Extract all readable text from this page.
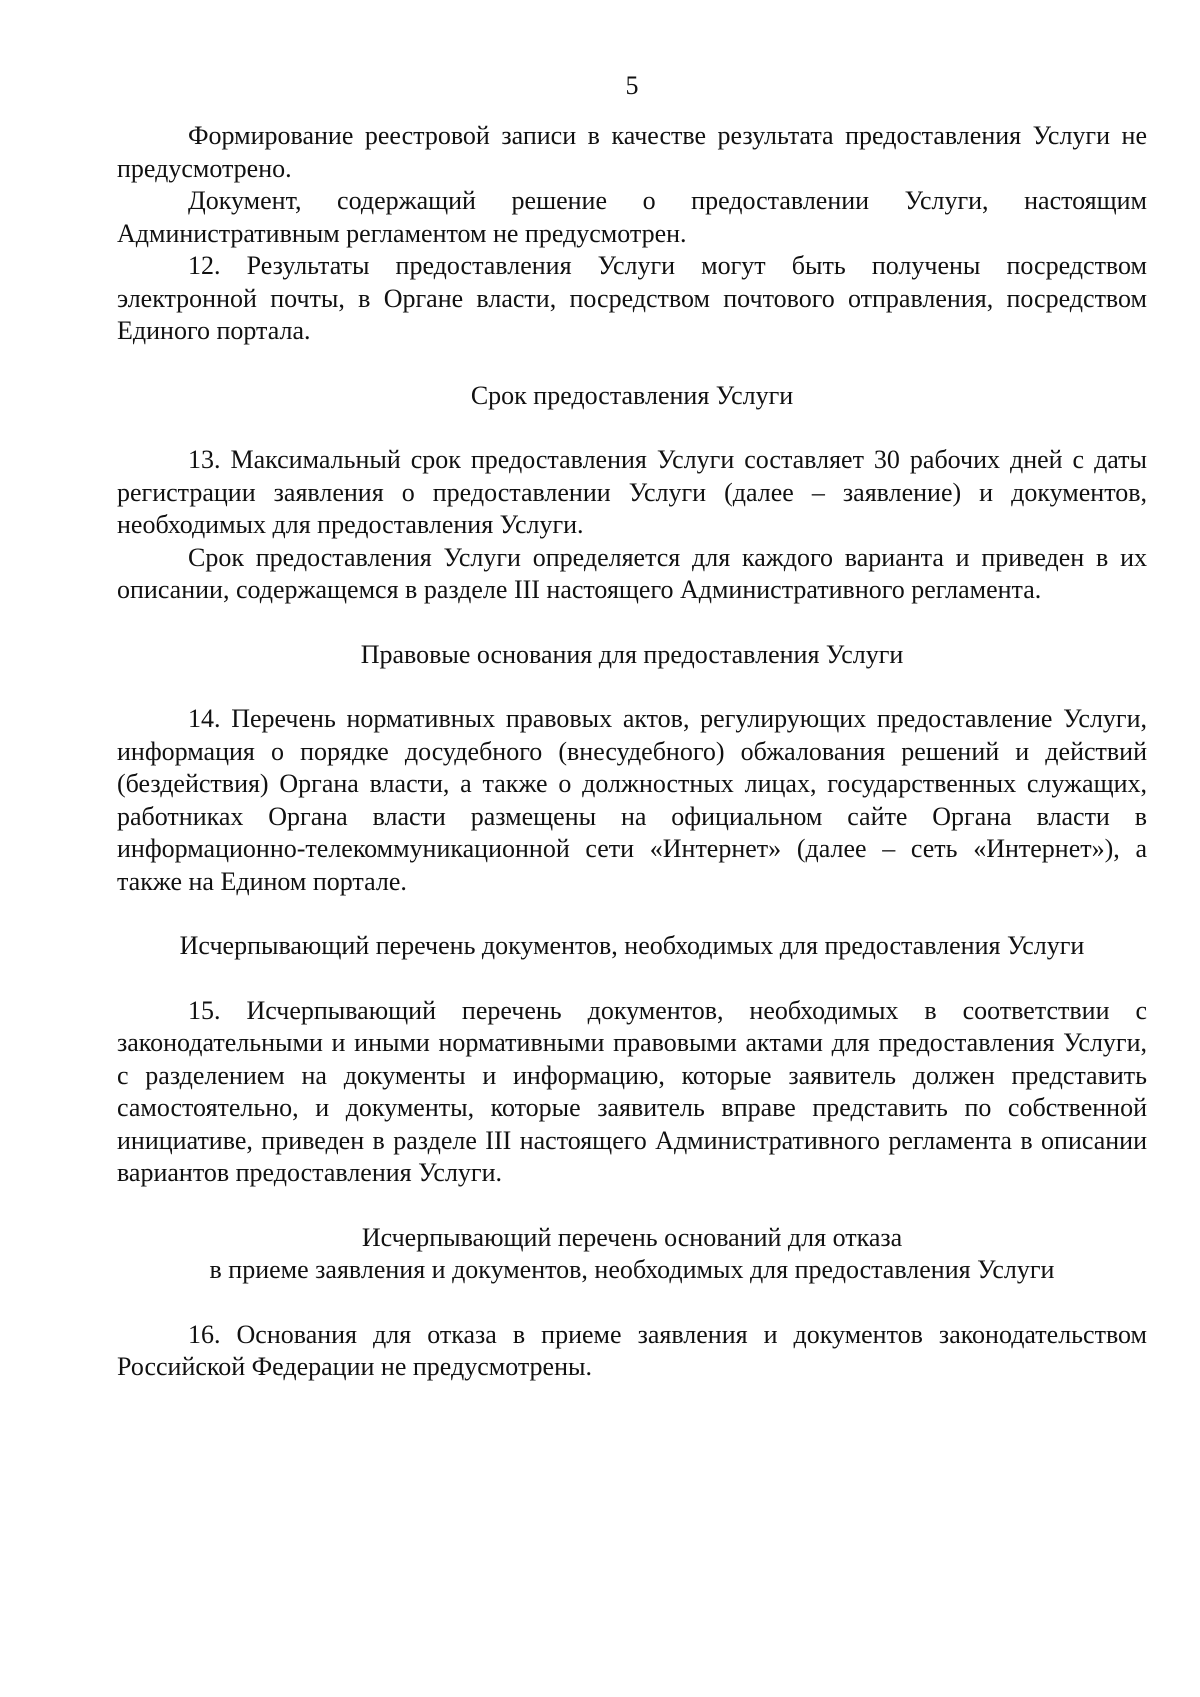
5

Формирование реестровой записи в качестве результата предоставления Услуги не предусмотрено.

Документ, содержащий решение о предоставлении Услуги, настоящим Административным регламентом не предусмотрен.

12. Результаты предоставления Услуги могут быть получены посредством электронной почты, в Органе власти, посредством почтового отправления, посредством Единого портала.

Срок предоставления Услуги

13. Максимальный срок предоставления Услуги составляет 30 рабочих дней с даты регистрации заявления о предоставлении Услуги (далее – заявление) и документов, необходимых для предоставления Услуги.

Срок предоставления Услуги определяется для каждого варианта и приведен в их описании, содержащемся в разделе III настоящего Административного регламента.

Правовые основания для предоставления Услуги

14. Перечень нормативных правовых актов, регулирующих предоставление Услуги, информация о порядке досудебного (внесудебного) обжалования решений и действий (бездействия) Органа власти, а также о должностных лицах, государственных служащих, работниках Органа власти размещены на официальном сайте Органа власти в информационно-телекоммуникационной сети «Интернет» (далее – сеть «Интернет»), а также на Едином портале.

Исчерпывающий перечень документов, необходимых для предоставления Услуги

15. Исчерпывающий перечень документов, необходимых в соответствии с законодательными и иными нормативными правовыми актами для предоставления Услуги, с разделением на документы и информацию, которые заявитель должен представить самостоятельно, и документы, которые заявитель вправе представить по собственной инициативе, приведен в разделе III настоящего Административного регламента в описании вариантов предоставления Услуги.

Исчерпывающий перечень оснований для отказа

в приеме заявления и документов, необходимых для предоставления Услуги

16. Основания для отказа в приеме заявления и документов законодательством Российской Федерации не предусмотрены.
